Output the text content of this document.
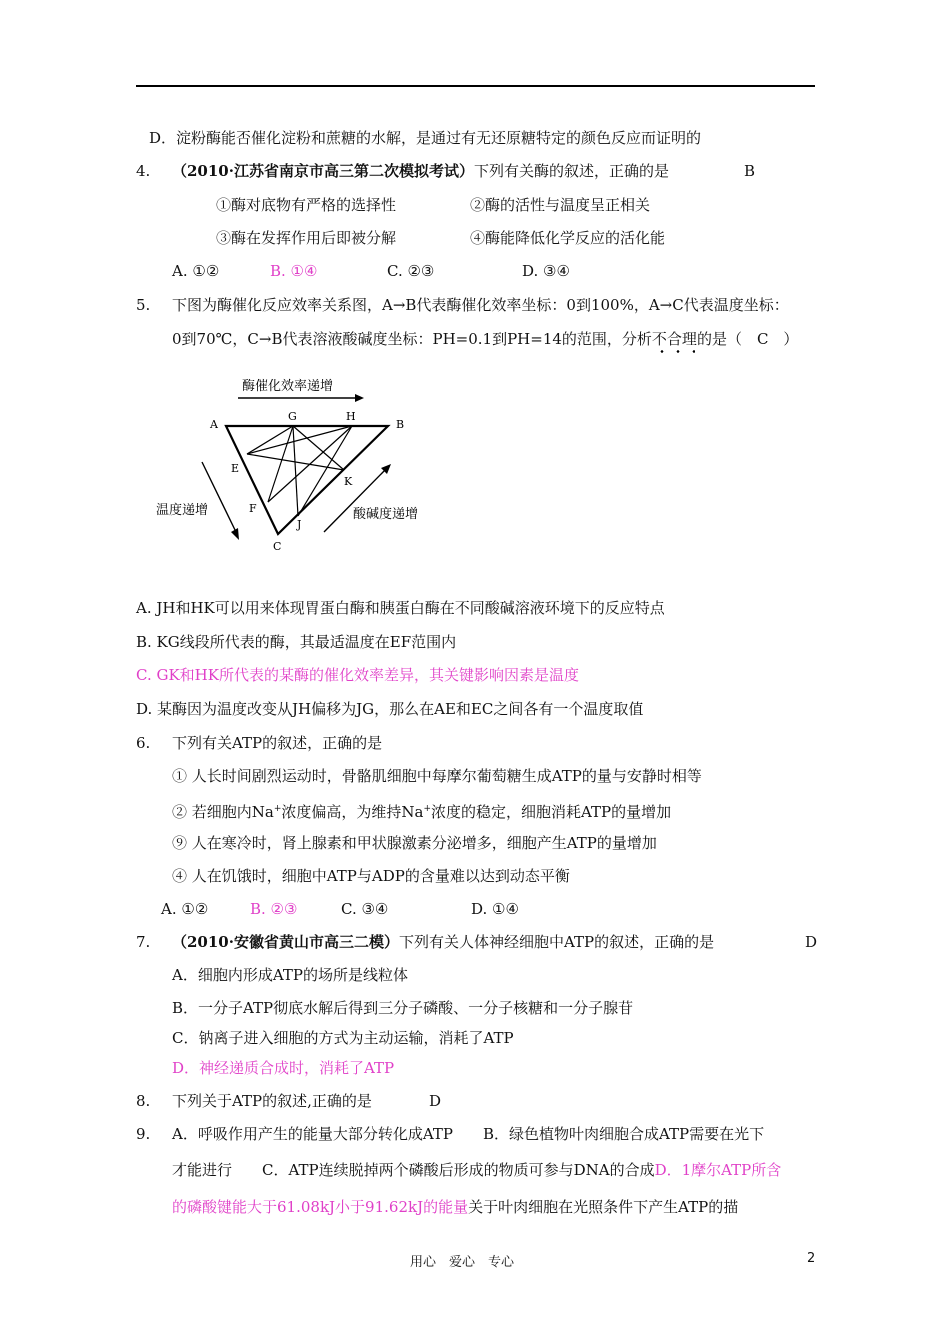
D．淀粉酶能否催化淀粉和蔗糖的水解，是通过有无还原糖特定的颜色反应而证明的
4. （2010·江苏省南京市高三第二次模拟考试）下列有关酶的叙述，正确的是	B
①酶对底物有严格的选择性	②酶的活性与温度呈正相关
③酶在发挥作用后即被分解	④酶能降低化学反应的活化能
A. ①②	B. ①④	C. ②③	D. ③④
5. 下图为酶催化反应效率关系图，A→B代表酶催化效率坐标：0到100%，A→C代表温度坐标：
0到70℃，C→B代表溶液酸碱度坐标：PH=0.1到PH=14的范围，分析不合理的是（　C　）
酶催化效率递增
A	B
C
E
F
G	H
J
K
温度递增	酸碱度递增
A. JH和HK可以用来体现胃蛋白酶和胰蛋白酶在不同酸碱溶液环境下的反应特点
B. KG线段所代表的酶，其最适温度在EF范围内
C. GK和HK所代表的某酶的催化效率差异，其关键影响因素是温度
D. 某酶因为温度改变从JH偏移为JG，那么在AE和EC之间各有一个温度取值
6. 下列有关ATP的叙述，正确的是
① 人长时间剧烈运动时，骨骼肌细胞中每摩尔葡萄糖生成ATP的量与安静时相等
② 若细胞内Na+浓度偏高，为维持Na+浓度的稳定，细胞消耗ATP的量增加
⑨ 人在寒冷时，肾上腺素和甲状腺激素分泌增多，细胞产生ATP的量增加
④ 人在饥饿时，细胞中ATP与ADP的含量难以达到动态平衡
A. ①②	B. ②③	C. ③④	D. ①④
7. （2010·安徽省黄山市高三二模）下列有关人体神经细胞中ATP的叙述，正确的是	D
A．细胞内形成ATP的场所是线粒体
B．一分子ATP彻底水解后得到三分子磷酸、一分子核糖和一分子腺苷
C．钠离子进入细胞的方式为主动运输，消耗了ATP
D．神经递质合成时，消耗了ATP
8. 下列关于ATP的叙述,正确的是	D
9. A．呼吸作用产生的能量大部分转化成ATP　　B．绿色植物叶肉细胞合成ATP需要在光下
才能进行　　C．ATP连续脱掉两个磷酸后形成的物质可参与DNA的合成D．1摩尔ATP所含
的磷酸键能大于61.08kJ小于91.62kJ的能量关于叶肉细胞在光照条件下产生ATP的描
用心　爱心　专心	2
